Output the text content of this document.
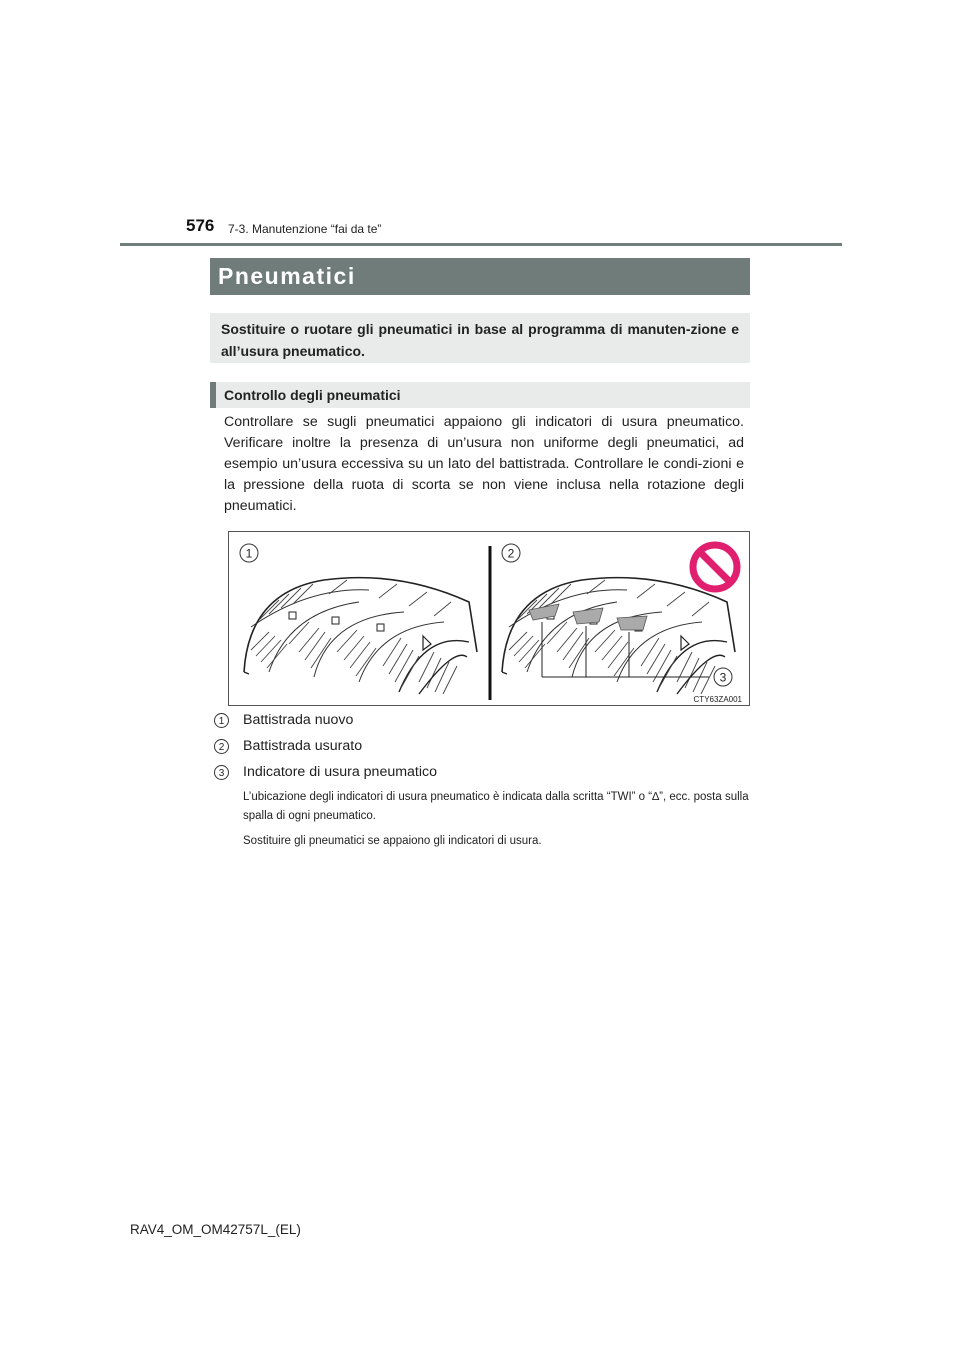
576 7-3. Manutenzione “fai da te”
Pneumatici
Sostituire o ruotare gli pneumatici in base al programma di manuten-zione e all’usura pneumatico.
Controllo degli pneumatici

Controllare se sugli pneumatici appaiono gli indicatori di usura pneumatico. Verificare inoltre la presenza di un’usura non uniforme degli pneumatici, ad esempio un’usura eccessiva su un lato del battistrada. Controllare le condi-zioni e la pressione della ruota di scorta se non viene inclusa nella rotazione degli pneumatici.

1	2
3
CTY63ZA001
1	Battistrada nuovo
2	Battistrada usurato
3	Indicatore di usura pneumatico
L’ubicazione degli indicatori di usura pneumatico è indicata dalla scritta “TWI” o “∆”, ecc. posta sulla spalla di ogni pneumatico.
Sostituire gli pneumatici se appaiono gli indicatori di usura.
RAV4_OM_OM42757L_(EL)
